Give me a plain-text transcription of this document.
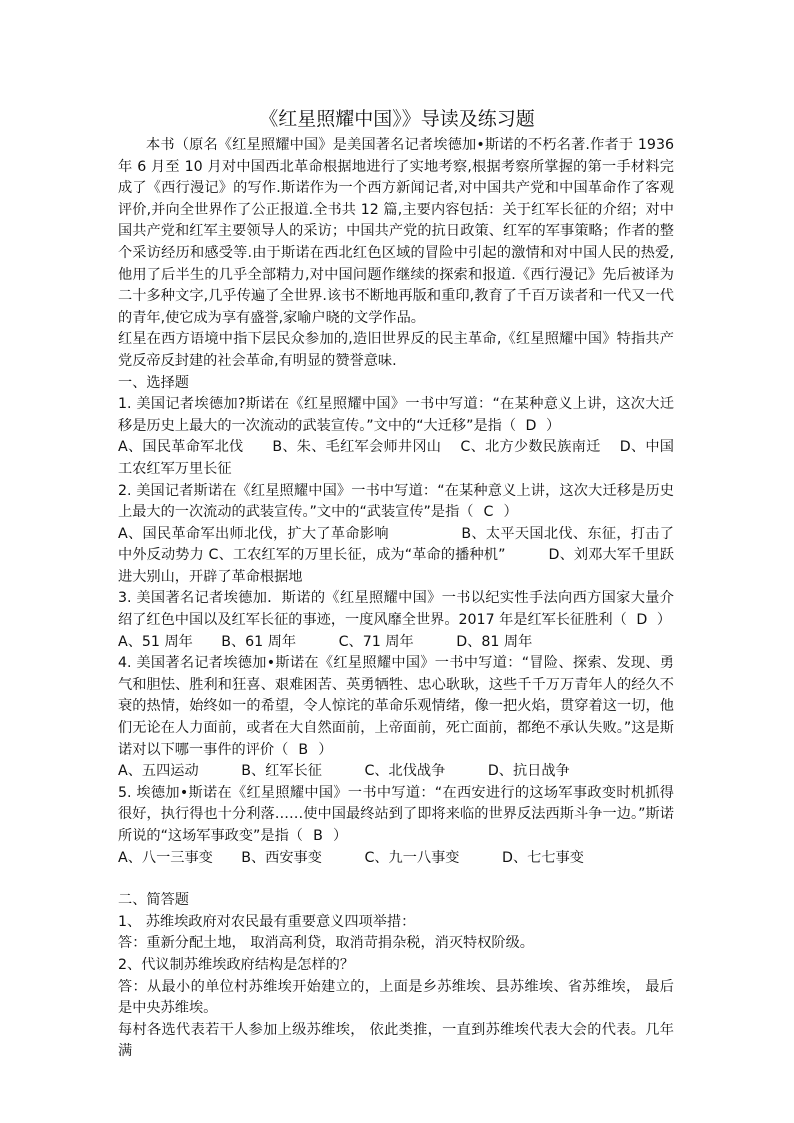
《红星照耀中国》》导读及练习题

本书（原名《红星照耀中国》是美国著名记者埃德加•斯诺的不朽名著.作者于 1936 年 6 月至 10 月对中国西北革命根据地进行了实地考察,根据考察所掌握的第一手材料完成了《西行漫记》的写作.斯诺作为一个西方新闻记者,对中国共产党和中国革命作了客观评价,并向全世界作了公正报道.全书共 12 篇,主要内容包括：关于红军长征的介绍；对中国共产党和红军主要领导人的采访；中国共产党的抗日政策、红军的军事策略；作者的整个采访经历和感受等.由于斯诺在西北红色区域的冒险中引起的激情和对中国人民的热爱,他用了后半生的几乎全部精力,对中国问题作继续的探索和报道.《西行漫记》先后被译为二十多种文字,几乎传遍了全世界.该书不断地再版和重印,教育了千百万读者和一代又一代的青年,使它成为享有盛誉,家喻户晓的文学作品。

红星在西方语境中指下层民众参加的,造旧世界反的民主革命,《红星照耀中国》特指共产党反帝反封建的社会革命,有明显的赞誉意味.

一、选择题

1. 美国记者埃德加?斯诺在《红星照耀中国》一书中写道：“在某种意义上讲，这次大迁移是历史上最大的一次流动的武装宣传。”文中的“大迁移”是指（ D ）

A、国民革命军北伐　　B、朱、毛红军会师井冈山　 C、北方少数民族南迁　 D、中国工农红军万里长征

2. 美国记者斯诺在《红星照耀中国》一书中写道：“在某种意义上讲，这次大迁移是历史上最大的一次流动的武装宣传。”文中的“武装宣传”是指（ C ）

A、国民革命军出师北伐，扩大了革命影响　　　　　B、太平天国北伐、东征，打击了中外反动势力 C、工农红军的万里长征，成为“革命的播种机”　　　D、刘邓大军千里跃进大别山，开辟了革命根据地

3. 美国著名记者埃德加．斯诺的《红星照耀中国》一书以纪实性手法向西方国家大量介绍了红色中国以及红军长征的事迹，一度风靡全世界。2017 年是红军长征胜利（ D ）

A、51 周年　　B、61 周年　　　C、71 周年　　　D、81 周年

4. 美国著名记者埃德加•斯诺在《红星照耀中国》一书中写道：“冒险、探索、发现、勇气和胆怯、胜利和狂喜、艰难困苦、英勇牺牲、忠心耿耿，这些千千万万青年人的经久不衰的热情，始终如一的希望，令人惊诧的革命乐观情绪，像一把火焰，贯穿着这一切，他们无论在人力面前，或者在大自然面前，上帝面前，死亡面前，都绝不承认失败。”这是斯诺对以下哪一事件的评价（ B ）

A、五四运动　　　B、红军长征　　　C、北伐战争　　　D、抗日战争

5. 埃德加•斯诺在《红星照耀中国》一书中写道：“在西安进行的这场军事政变时机抓得很好，执行得也十分利落……使中国最终站到了即将来临的世界反法西斯斗争一边。”斯诺所说的“这场军事政变”是指（ B ）

A、八一三事变　　B、西安事变　　　C、九一八事变　　　D、七七事变

二、简答题

1、 苏维埃政府对农民最有重要意义四项举措：

答：重新分配土地， 取消高利贷，取消苛捐杂税，消灭特权阶级。

2、代议制苏维埃政府结构是怎样的？

答：从最小的单位村苏维埃开始建立的，上面是乡苏维埃、县苏维埃、省苏维埃， 最后是中央苏维埃。

每村各选代表若干人参加上级苏维埃， 依此类推，一直到苏维埃代表大会的代表。几年满
